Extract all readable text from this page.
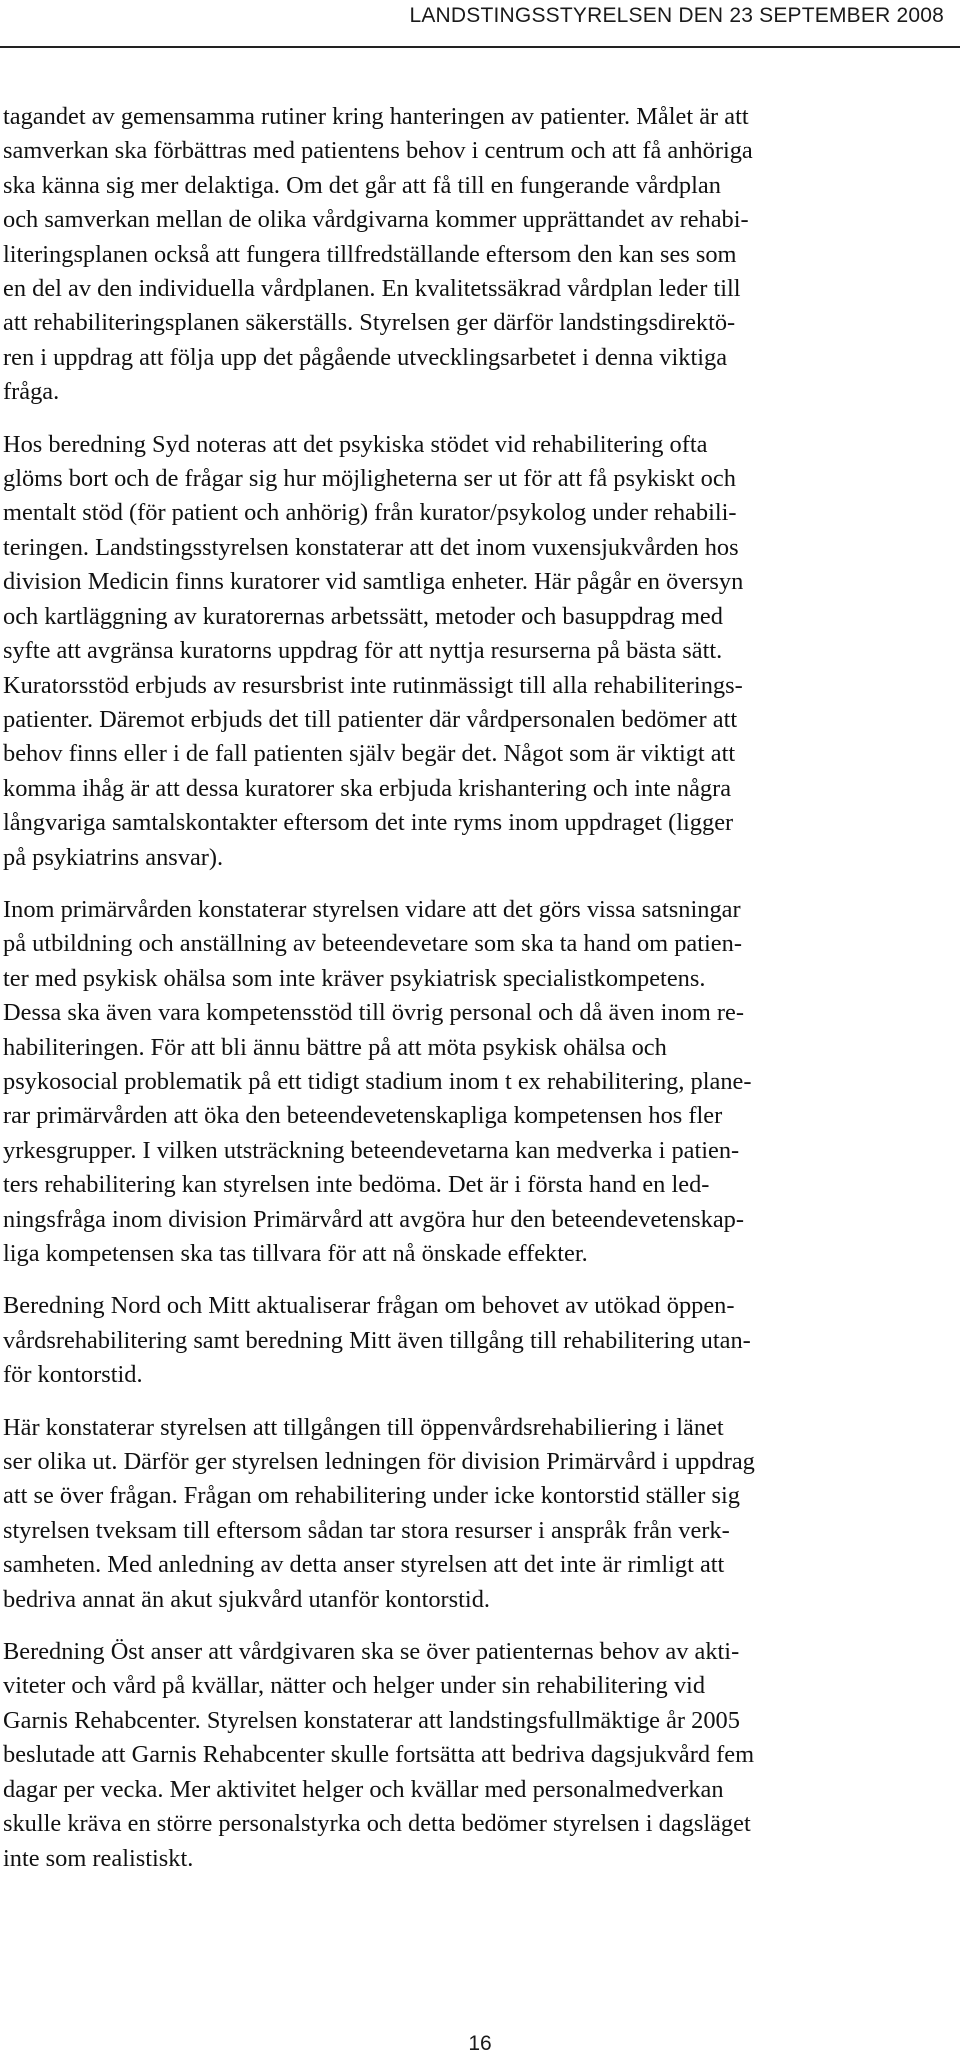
LANDSTINGSSTYRELSEN DEN 23 SEPTEMBER 2008

tagandet av gemensamma rutiner kring hanteringen av patienter. Målet är att
samverkan ska förbättras med patientens behov i centrum och att få anhöriga
ska känna sig mer delaktiga. Om det går att få till en fungerande vårdplan
och samverkan mellan de olika vårdgivarna kommer upprättandet av rehabi-
literingsplanen också att fungera tillfredställande eftersom den kan ses som
en del av den individuella vårdplanen. En kvalitetssäkrad vårdplan leder till
att rehabiliteringsplanen säkerställs. Styrelsen ger därför landstingsdirektö-
ren i uppdrag att följa upp det pågående utvecklingsarbetet i denna viktiga
fråga.

Hos beredning Syd noteras att det psykiska stödet vid rehabilitering ofta
glöms bort och de frågar sig hur möjligheterna ser ut för att få psykiskt och
mentalt stöd (för patient och anhörig) från kurator/psykolog under rehabili-
teringen. Landstingsstyrelsen konstaterar att det inom vuxensjukvården hos
division Medicin finns kuratorer vid samtliga enheter. Här pågår en översyn
och kartläggning av kuratorernas arbetssätt, metoder och basuppdrag med
syfte att avgränsa kuratorns uppdrag för att nyttja resurserna på bästa sätt.
Kuratorsstöd erbjuds av resursbrist inte rutinmässigt till alla rehabiliterings-
patienter. Däremot erbjuds det till patienter där vårdpersonalen bedömer att
behov finns eller i de fall patienten själv begär det. Något som är viktigt att
komma ihåg är att dessa kuratorer ska erbjuda krishantering och inte några
långvariga samtalskontakter eftersom det inte ryms inom uppdraget (ligger
på psykiatrins ansvar).

Inom primärvården konstaterar styrelsen vidare att det görs vissa satsningar
på utbildning och anställning av beteendevetare som ska ta hand om patien-
ter med psykisk ohälsa som inte kräver psykiatrisk specialistkompetens.
Dessa ska även vara kompetensstöd till övrig personal och då även inom re-
habiliteringen. För att bli ännu bättre på att möta psykisk ohälsa och
psykosocial problematik på ett tidigt stadium inom t ex rehabilitering, plane-
rar primärvården att öka den beteendevetenskapliga kompetensen hos fler
yrkesgrupper. I vilken utsträckning beteendevetarna kan medverka i patien-
ters rehabilitering kan styrelsen inte bedöma. Det är i första hand en led-
ningsfråga inom division Primärvård att avgöra hur den beteendevetenskap-
liga kompetensen ska tas tillvara för att nå önskade effekter.

Beredning Nord och Mitt aktualiserar frågan om behovet av utökad öppen-
vårdsrehabilitering samt beredning Mitt även tillgång till rehabilitering utan-
för kontorstid.

Här konstaterar styrelsen att tillgången till öppenvårdsrehabiliering i länet
ser olika ut. Därför ger styrelsen ledningen för division Primärvård i uppdrag
att se över frågan. Frågan om rehabilitering under icke kontorstid ställer sig
styrelsen tveksam till eftersom sådan tar stora resurser i anspråk från verk-
samheten. Med anledning av detta anser styrelsen att det inte är rimligt att
bedriva annat än akut sjukvård utanför kontorstid.

Beredning Öst anser att vårdgivaren ska se över patienternas behov av akti-
viteter och vård på kvällar, nätter och helger under sin rehabilitering vid
Garnis Rehabcenter. Styrelsen konstaterar att landstingsfullmäktige år 2005
beslutade att Garnis Rehabcenter skulle fortsätta att bedriva dagsjukvård fem
dagar per vecka. Mer aktivitet helger och kvällar med personalmedverkan
skulle kräva en större personalstyrka och detta bedömer styrelsen i dagsläget
inte som realistiskt.

16
